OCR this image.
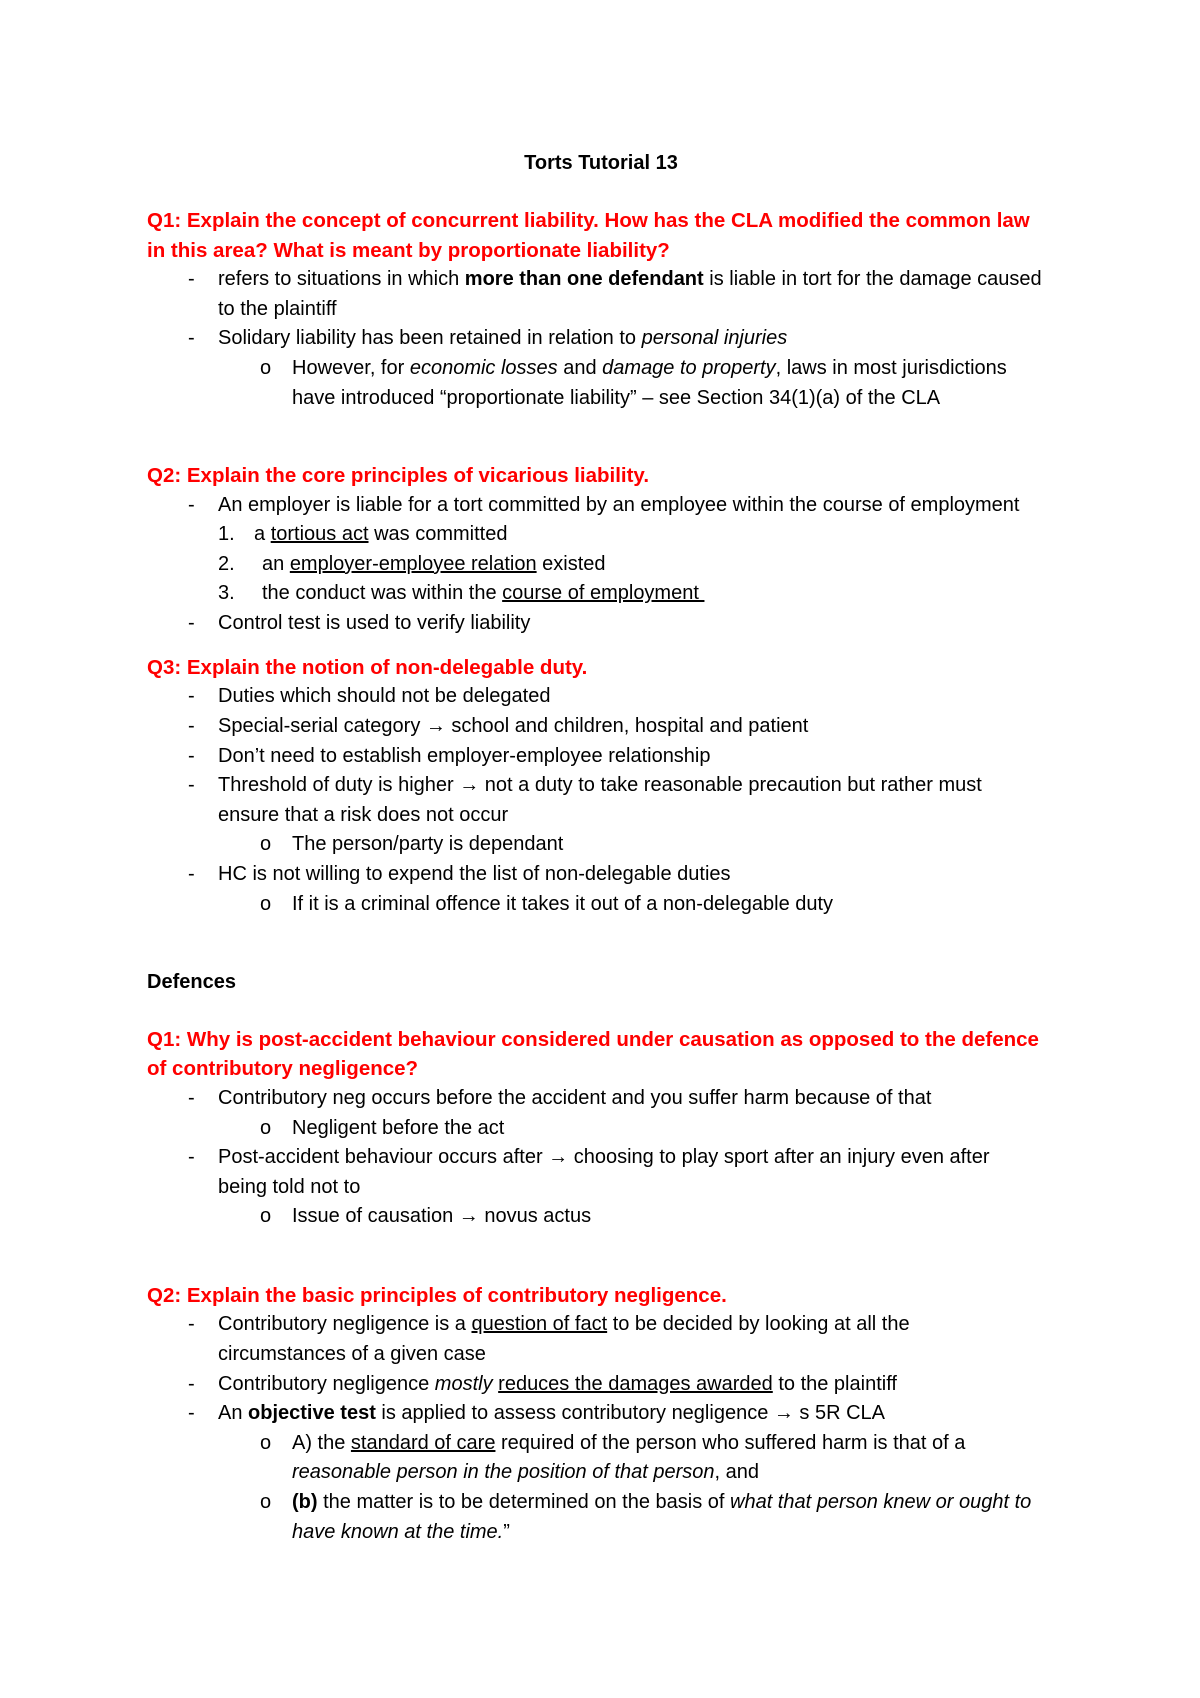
Torts Tutorial 13
Q1: Explain the concept of concurrent liability. How has the CLA modified the common law
in this area? What is meant by proportionate liability?
- refers to situations in which more than one defendant is liable in tort for the damage caused
to the plaintiff
- Solidary liability has been retained in relation to personal injuries
o However, for economic losses and damage to property, laws in most jurisdictions
have introduced “proportionate liability” – see Section 34(1)(a) of the CLA
Q2: Explain the core principles of vicarious liability.
- An employer is liable for a tort committed by an employee within the course of employment
1. a tortious act was committed
2. an employer-employee relation existed
3. the conduct was within the course of employment
- Control test is used to verify liability
Q3: Explain the notion of non-delegable duty.
- Duties which should not be delegated
- Special-serial category → school and children, hospital and patient
- Don’t need to establish employer-employee relationship
- Threshold of duty is higher → not a duty to take reasonable precaution but rather must
ensure that a risk does not occur
o The person/party is dependant
- HC is not willing to expend the list of non-delegable duties
o If it is a criminal offence it takes it out of a non-delegable duty
Defences
Q1: Why is post-accident behaviour considered under causation as opposed to the defence
of contributory negligence?
- Contributory neg occurs before the accident and you suffer harm because of that
o Negligent before the act
- Post-accident behaviour occurs after → choosing to play sport after an injury even after
being told not to
o Issue of causation → novus actus
Q2: Explain the basic principles of contributory negligence.
- Contributory negligence is a question of fact to be decided by looking at all the
circumstances of a given case
- Contributory negligence mostly reduces the damages awarded to the plaintiff
- An objective test is applied to assess contributory negligence → s 5R CLA
o A) the standard of care required of the person who suffered harm is that of a
reasonable person in the position of that person, and
o (b) the matter is to be determined on the basis of what that person knew or ought to
have known at the time.”
